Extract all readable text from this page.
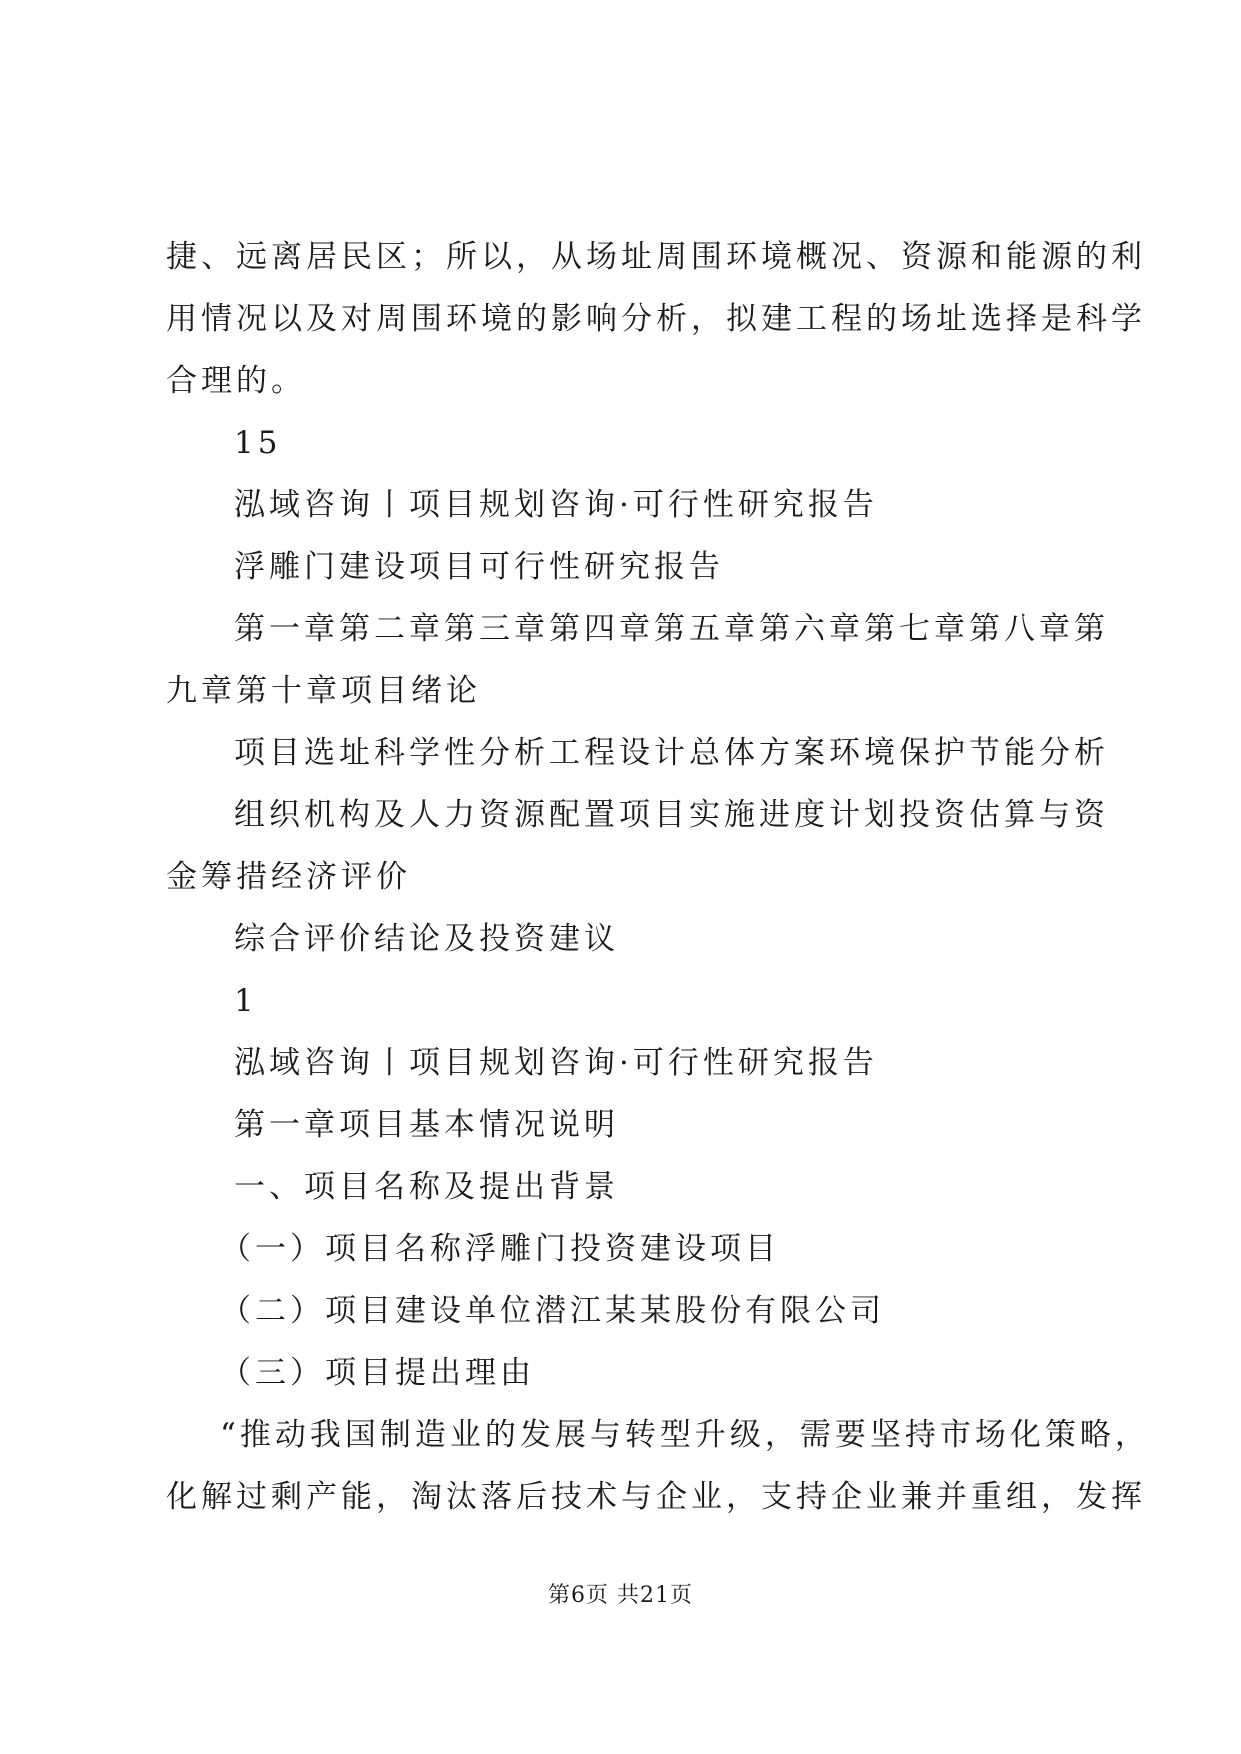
捷、远离居民区；所以，从场址周围环境概况、资源和能源的利

用情况以及对周围环境的影响分析，拟建工程的场址选择是科学

合理的。

15

泓域咨询丨项目规划咨询·可行性研究报告

浮雕门建设项目可行性研究报告

第一章第二章第三章第四章第五章第六章第七章第八章第

九章第十章项目绪论

项目选址科学性分析工程设计总体方案环境保护节能分析

组织机构及人力资源配置项目实施进度计划投资估算与资

金筹措经济评价

综合评价结论及投资建议

1

泓域咨询丨项目规划咨询·可行性研究报告

第一章项目基本情况说明

一、项目名称及提出背景

（一）项目名称浮雕门投资建设项目

（二）项目建设单位潜江某某股份有限公司

（三）项目提出理由

“推动我国制造业的发展与转型升级，需要坚持市场化策略，

化解过剩产能，淘汰落后技术与企业，支持企业兼并重组，发挥

第6页 共21页
